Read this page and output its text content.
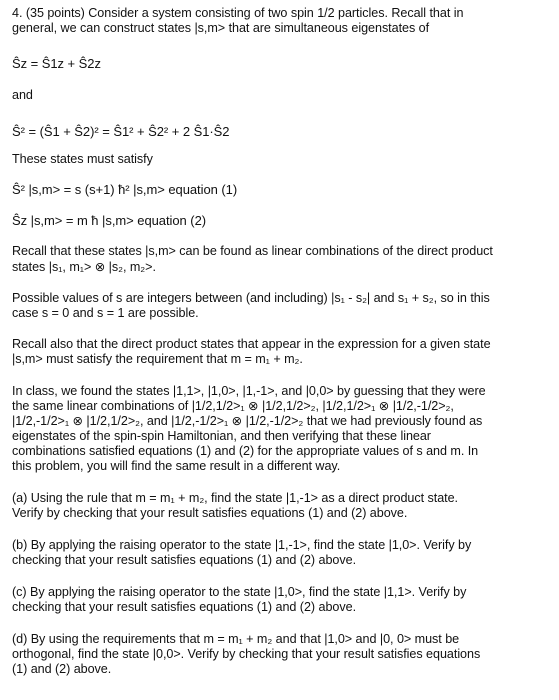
4. (35 points) Consider a system consisting of two spin 1/2 particles. Recall that in
general, we can construct states |s,m> that are simultaneous eigenstates of
Ŝz = Ŝ1z + Ŝ2z
and
Ŝ² = (Ŝ1 + Ŝ2)² = Ŝ1² + Ŝ2² + 2 Ŝ1·Ŝ2
These states must satisfy
Ŝ² |s,m> = s (s+1) ħ² |s,m> equation (1)
Ŝz |s,m> = m ħ |s,m> equation (2)
Recall that these states |s,m> can be found as linear combinations of the direct product
states |s₁, m₁> ⊗ |s₂, m₂>.
Possible values of s are integers between (and including) |s₁ - s₂| and s₁ + s₂, so in this
case s = 0 and s = 1 are possible.
Recall also that the direct product states that appear in the expression for a given state
|s,m> must satisfy the requirement that m = m₁ + m₂.
In class, we found the states |1,1>, |1,0>, |1,-1>, and |0,0> by guessing that they were
the same linear combinations of |1/2,1/2>₁ ⊗ |1/2,1/2>₂, |1/2,1/2>₁ ⊗ |1/2,-1/2>₂,
|1/2,-1/2>₁ ⊗ |1/2,1/2>₂, and |1/2,-1/2>₁ ⊗ |1/2,-1/2>₂ that we had previously found as
eigenstates of the spin-spin Hamiltonian, and then verifying that these linear
combinations satisfied equations (1) and (2) for the appropriate values of s and m. In
this problem, you will find the same result in a different way.
(a) Using the rule that m = m₁ + m₂, find the state |1,-1> as a direct product state.
Verify by checking that your result satisfies equations (1) and (2) above.
(b) By applying the raising operator to the state |1,-1>, find the state |1,0>. Verify by
checking that your result satisfies equations (1) and (2) above.
(c) By applying the raising operator to the state |1,0>, find the state |1,1>. Verify by
checking that your result satisfies equations (1) and (2) above.
(d) By using the requirements that m = m₁ + m₂ and that |1,0> and |0, 0> must be
orthogonal, find the state |0,0>. Verify by checking that your result satisfies equations
(1) and (2) above.
